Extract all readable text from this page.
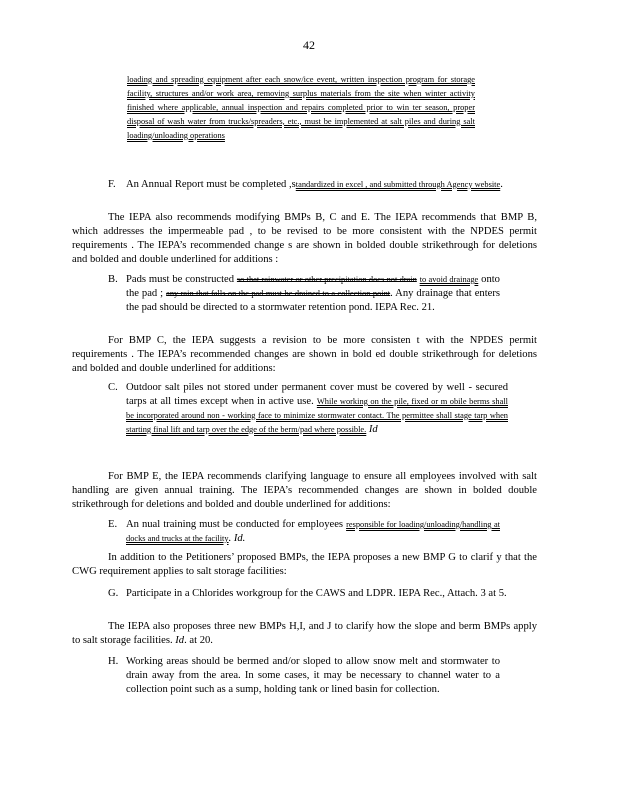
42
loading and spreading equipment after each snow/ice event, written inspection program for storage facility, structures and/or work area, removing surplus materials from the site when winter activity finished where applicable, annual inspection and repairs completed prior to win ter season, proper disposal of wash water from trucks/spreaders, etc., must be implemented at salt piles and during salt loading/unloading operations
F. An Annual Report must be completed ,standardized in excel , and submitted through Agency website.

The IEPA also recommends modifying BMPs B, C and E. The IEPA recommends that BMP B, which addresses the impermeable pad , to be revised to be more consistent with the NPDES permit requirements . The IEPA’s recommended change s are shown in bolded double strikethrough for deletions and bolded and double underlined for additions :

B. Pads must be constructed so that rainwater or other precipitation does not drain to avoid drainage onto the pad ; any rain that falls on the pad must be drained to a collection point. Any drainage that enters the pad should be directed to a stormwater retention pond. IEPA Rec. 21.

For BMP C, the IEPA suggests a revision to be more consisten t with the NPDES permit requirements . The IEPA’s recommended changes are shown in bold ed double strikethrough for deletions and bolded and double underlined for additions:

C. Outdoor salt piles not stored under permanent cover must be covered by well - secured tarps at all times except when in active use. While working on the pile, fixed or m obile berms shall be incorporated around non - working face to minimize stormwater contact. The permittee shall stage tarp when starting final lift and tarp over the edge of the berm/pad where possible. Id

For BMP E, the IEPA recommends clarifying language to ensure all employees involved with salt handling are given annual training. The IEPA’s recommended changes are shown in bolded double strikethrough for deletions and bolded and double underlined for additions:

E. An nual training must be conducted for employees responsible for loading/unloading/handling at docks and trucks at the facility. Id.

In addition to the Petitioners’ proposed BMPs, the IEPA proposes a new BMP G to clarif y that the CWG requirement applies to salt storage facilities:

G. Participate in a Chlorides workgroup for the CAWS and LDPR. IEPA Rec., Attach. 3 at 5.

The IEPA also proposes three new BMPs H,I, and J to clarify how the slope and berm BMPs apply to salt storage facilities. Id. at 20.

H. Working areas should be bermed and/or sloped to allow snow melt and stormwater to drain away from the area. In some cases, it may be necessary to channel water to a collection point such as a sump, holding tank or lined basin for collection.
